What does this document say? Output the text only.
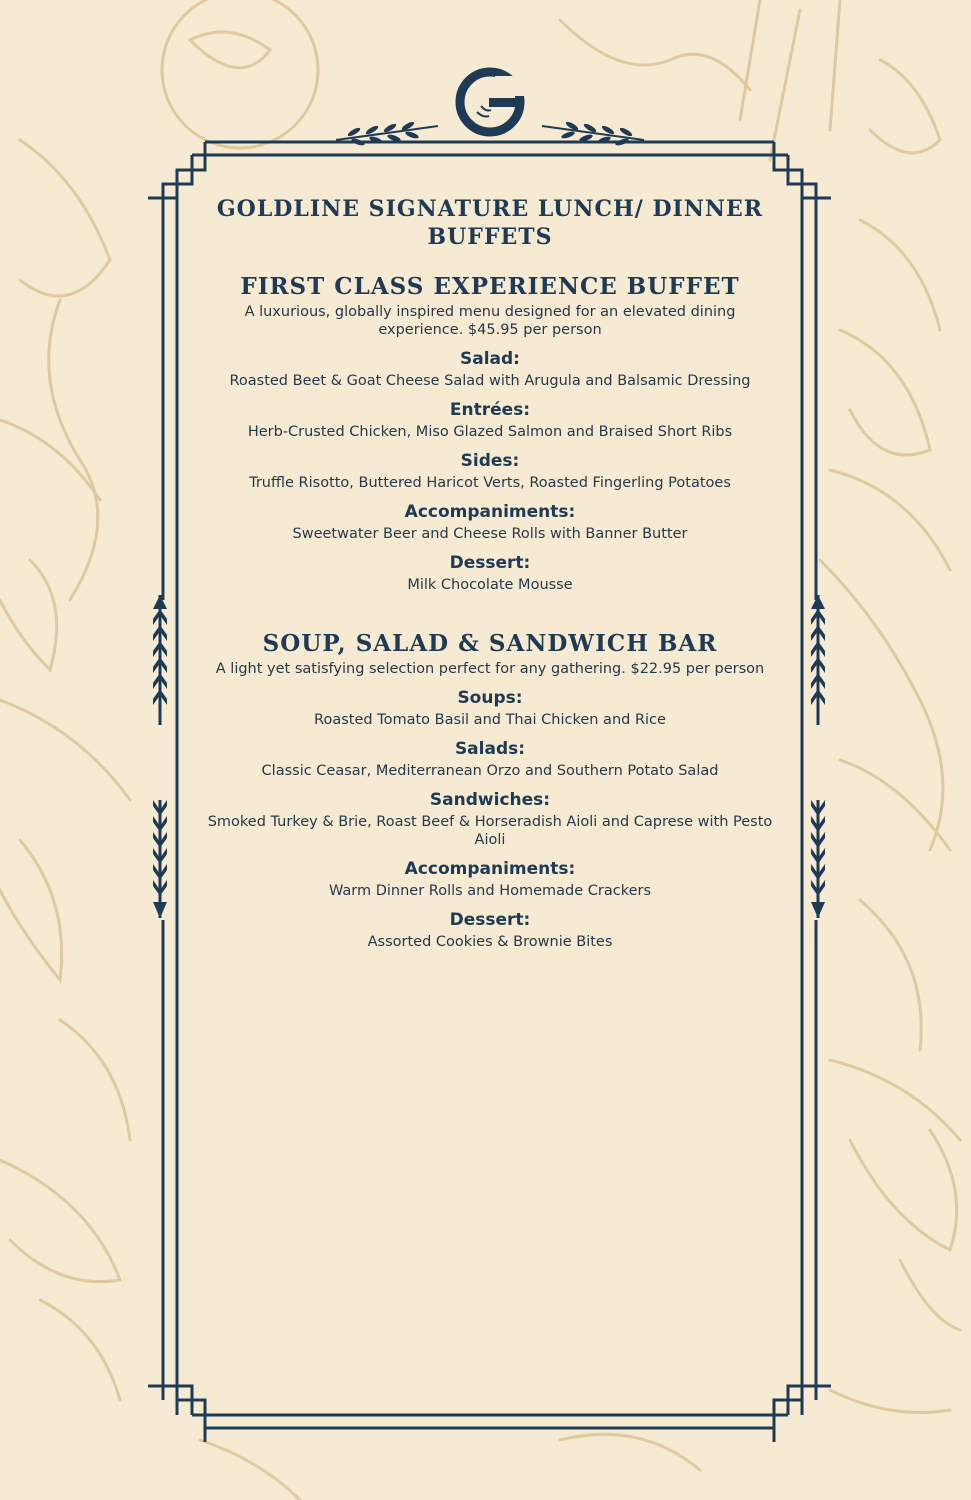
GOLDLINE SIGNATURE LUNCH/ DINNER BUFFETS
FIRST CLASS EXPERIENCE BUFFET
A luxurious, globally inspired menu designed for an elevated dining experience. $45.95 per person
Salad:
Roasted Beet & Goat Cheese Salad with Arugula and Balsamic Dressing
Entrées:
Herb-Crusted Chicken, Miso Glazed Salmon and Braised Short Ribs
Sides:
Truffle Risotto, Buttered Haricot Verts, Roasted Fingerling Potatoes
Accompaniments:
Sweetwater Beer and Cheese Rolls with Banner Butter
Dessert:
Milk Chocolate Mousse
SOUP, SALAD & SANDWICH BAR
A light yet satisfying selection perfect for any gathering. $22.95 per person
Soups:
Roasted Tomato Basil and Thai Chicken and Rice
Salads:
Classic Ceasar, Mediterranean Orzo and Southern Potato Salad
Sandwiches:
Smoked Turkey & Brie, Roast Beef & Horseradish Aioli and Caprese with Pesto Aioli
Accompaniments:
Warm Dinner Rolls and Homemade Crackers
Dessert:
Assorted Cookies & Brownie Bites
